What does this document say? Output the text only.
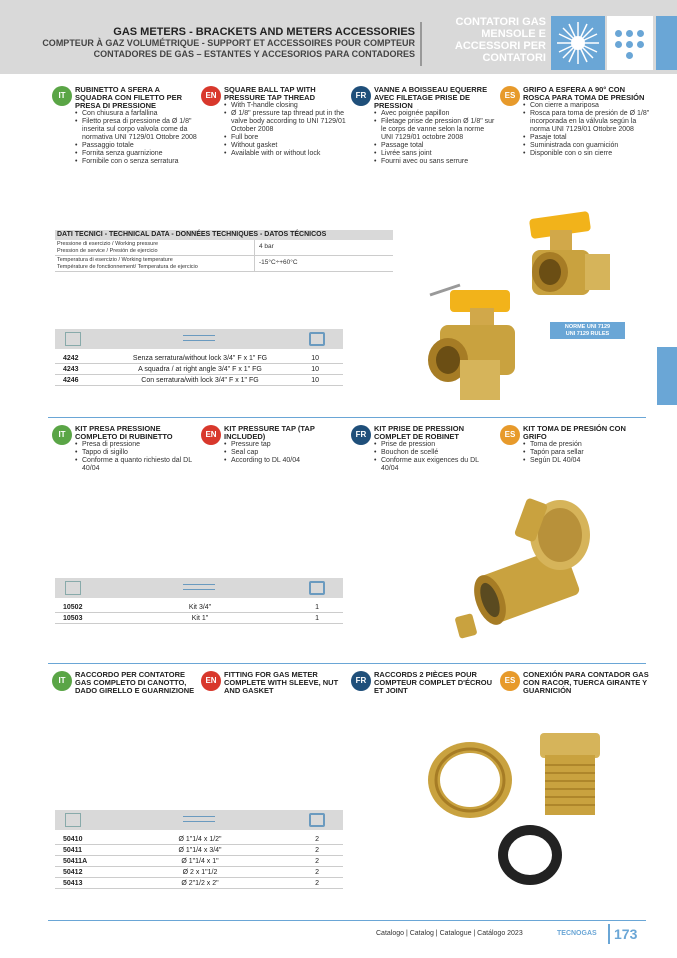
GAS METERS - BRACKETS AND METERS ACCESSORIES
COMPTEUR À GAZ VOLUMÉTRIQUE - SUPPORT ET ACCESSOIRES POUR COMPTEUR
CONTADORES DE GAS – ESTANTES Y ACCESORIOS PARA CONTADORES
CONTATORI GAS
MENSOLE E
ACCESSORI PER
CONTATORI
IT
RUBINETTO A SFERA A SQUADRA CON FILETTO PER PRESA DI PRESSIONE
• Con chiusura a farfallina
• Filetto presa di pressione da Ø 1/8" inserita sul corpo valvola come da normativa UNI 7129/01 Ottobre 2008
• Passaggio totale
• Fornita senza guarnizione
• Fornibile con o senza serratura
EN
SQUARE BALL TAP WITH PRESSURE TAP THREAD
• With T-handle closing
• Ø 1/8" pressure tap thread put in the valve body according to UNI 7129/01 October 2008
• Full bore
• Without gasket
• Available with or without lock
FR
VANNE A BOISSEAU EQUERRE AVEC FILETAGE PRISE DE PRESSION
• Avec poignée papillon
• Filetage prise de pression Ø 1/8" sur le corps de vanne selon la norme UNI 7129/01 octobre 2008
• Passage total
• Livrée sans joint
• Fourni avec ou sans serrure
ES
GRIFO A ESFERA A 90° CON ROSCA PARA TOMA DE PRESIÓN
• Con cierre a mariposa
• Rosca para toma de presión de Ø 1/8" incorporada en la válvula según la norma UNI 7129/01 Ottobre 2008
• Pasaje total
• Suministrada con guarnición
• Disponible con o sin cierre
DATI TECNICI - TECHNICAL DATA - DONNÉES TECHNIQUES - DATOS TÉCNICOS
Pressione di esercizio / Working pressure
Pression de service / Presión de ejercicio
4 bar
Temperatura di esercizio / Working temperature
Température de fonctionnement/ Temperatura de ejercicio
-15°C÷+60°C
NORME UNI 7129
UNI 7129 RULES
4242	Senza serratura/without lock 3/4" F x 1" FG	10
4243	A squadra / at right angle 3/4" F x 1" FG	10
4246	Con serratura/with lock 3/4" F x 1" FG	10
IT
KIT PRESA PRESSIONE COMPLETO DI RUBINETTO
• Presa di pressione
• Tappo di sigillo
• Conforme a quanto richiesto dal DL 40/04
EN
KIT PRESSURE TAP (TAP INCLUDED)
• Pressure tap
• Seal cap
• According to DL 40/04
FR
KIT PRISE DE PRESSION COMPLET DE ROBINET
• Prise de pression
• Bouchon de scellé
• Conforme aux exigences du DL 40/04
ES
KIT TOMA DE PRESIÓN CON GRIFO
• Toma de presión
• Tapón para sellar
• Según DL 40/04
10502	Kit 3/4"	1
10503	Kit 1"	1
IT
RACCORDO PER CONTATORE GAS COMPLETO DI CANOTTO, DADO GIRELLO E GUARNIZIONE
EN
FITTING FOR GAS METER COMPLETE WITH SLEEVE, NUT AND GASKET
FR
RACCORDS 2 PIÈCES POUR COMPTEUR COMPLET D'ÉCROU ET JOINT
ES
CONEXIÓN PARA CONTADOR GAS CON RACOR, TUERCA GIRANTE Y GUARNICIÓN
50410	Ø 1"1/4 x 1/2"	2
50411	Ø 1"1/4 x 3/4"	2
50411A	Ø 1"1/4 x 1"	2
50412	Ø 2 x 1"1/2	2
50413	Ø 2"1/2 x 2"	2
Catalogo | Catalog | Catalogue | Catálogo 2023	TECNOGAS 173
